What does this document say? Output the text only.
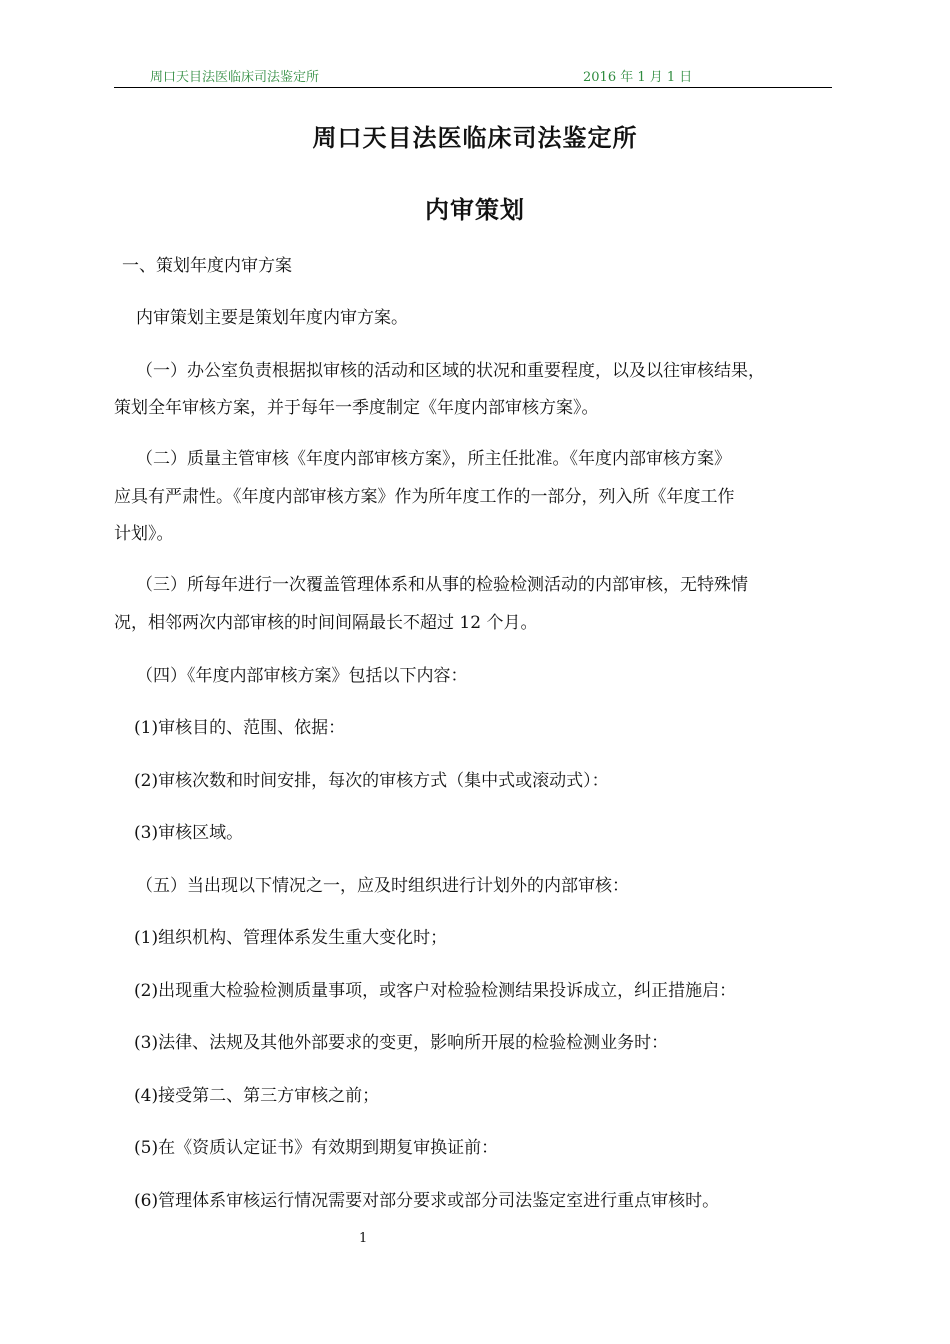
周口天目法医临床司法鉴定所	2016 年 1 月 1 日
周口天目法医临床司法鉴定所
内审策划
一、策划年度内审方案
内审策划主要是策划年度内审方案。
（一）办公室负责根据拟审核的活动和区域的状况和重要程度，以及以往审核结果，
策划全年审核方案，并于每年一季度制定《年度内部审核方案》。
（二）质量主管审核《年度内部审核方案》，所主任批准。《年度内部审核方案》
应具有严肃性。《年度内部审核方案》作为所年度工作的一部分，列入所《年度工作
计划》。
（三）所每年进行一次覆盖管理体系和从事的检验检测活动的内部审核，无特殊情
况，相邻两次内部审核的时间间隔最长不超过 12 个月。
（四）《年度内部审核方案》包括以下内容：
(1)审核目的、范围、依据：
(2)审核次数和时间安排，每次的审核方式（集中式或滚动式）：
(3)审核区域。
（五）当出现以下情况之一，应及时组织进行计划外的内部审核：
(1)组织机构、管理体系发生重大变化时；
(2)出现重大检验检测质量事项，或客户对检验检测结果投诉成立，纠正措施启：
(3)法律、法规及其他外部要求的变更，影响所开展的检验检测业务时：
(4)接受第二、第三方审核之前；
(5)在《资质认定证书》有效期到期复审换证前：
(6)管理体系审核运行情况需要对部分要求或部分司法鉴定室进行重点审核时。
1
